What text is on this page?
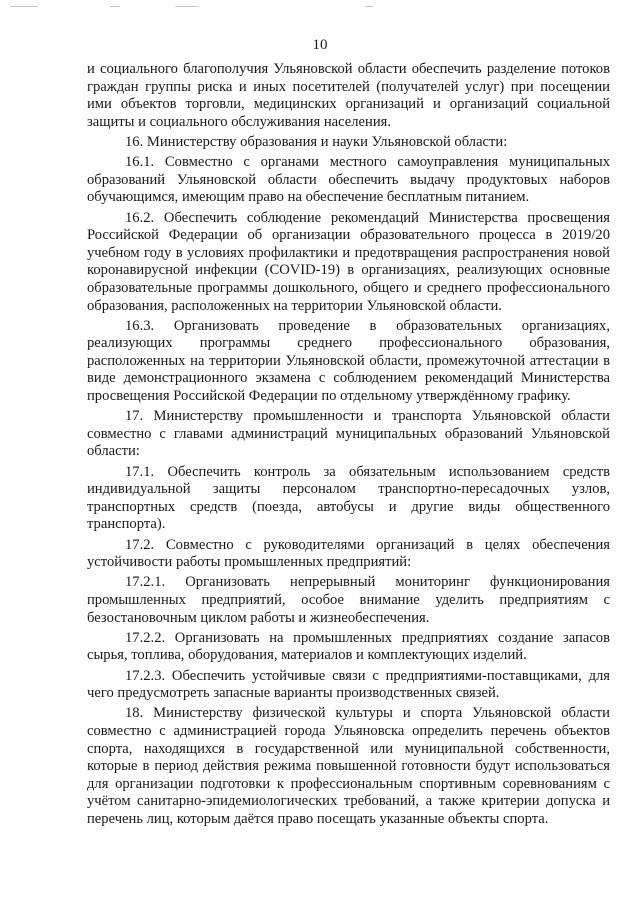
10

и социального благополучия Ульяновской области обеспечить разделение потоков граждан группы риска и иных посетителей (получателей услуг) при посещении ими объектов торговли, медицинских организаций и организаций социальной защиты и социального обслуживания населения.

16. Министерству образования и науки Ульяновской области:

16.1. Совместно с органами местного самоуправления муниципальных образований Ульяновской области обеспечить выдачу продуктовых наборов обучающимся, имеющим право на обеспечение бесплатным питанием.

16.2. Обеспечить соблюдение рекомендаций Министерства просвещения Российской Федерации об организации образовательного процесса в 2019/20 учебном году в условиях профилактики и предотвращения распространения новой коронавирусной инфекции (COVID-19) в организациях, реализующих основные образовательные программы дошкольного, общего и среднего профессионального образования, расположенных на территории Ульяновской области.

16.3. Организовать проведение в образовательных организациях, реализующих программы среднего профессионального образования, расположенных на территории Ульяновской области, промежуточной аттестации в виде демонстрационного экзамена с соблюдением рекомендаций Министерства просвещения Российской Федерации по отдельному утверждённому графику.

17. Министерству промышленности и транспорта Ульяновской области совместно с главами администраций муниципальных образований Ульяновской области:

17.1. Обеспечить контроль за обязательным использованием средств индивидуальной защиты персоналом транспортно-пересадочных узлов, транспортных средств (поезда, автобусы и другие виды общественного транспорта).

17.2. Совместно с руководителями организаций в целях обеспечения устойчивости работы промышленных предприятий:

17.2.1. Организовать непрерывный мониторинг функционирования промышленных предприятий, особое внимание уделить предприятиям с безостановочным циклом работы и жизнеобеспечения.

17.2.2. Организовать на промышленных предприятиях создание запасов сырья, топлива, оборудования, материалов и комплектующих изделий.

17.2.3. Обеспечить устойчивые связи с предприятиями-поставщиками, для чего предусмотреть запасные варианты производственных связей.

18. Министерству физической культуры и спорта Ульяновской области совместно с администрацией города Ульяновска определить перечень объектов спорта, находящихся в государственной или муниципальной собственности, которые в период действия режима повышенной готовности будут использоваться для организации подготовки к профессиональным спортивным соревнованиям с учётом санитарно-эпидемиологических требований, а также критерии допуска и перечень лиц, которым даётся право посещать указанные объекты спорта.
